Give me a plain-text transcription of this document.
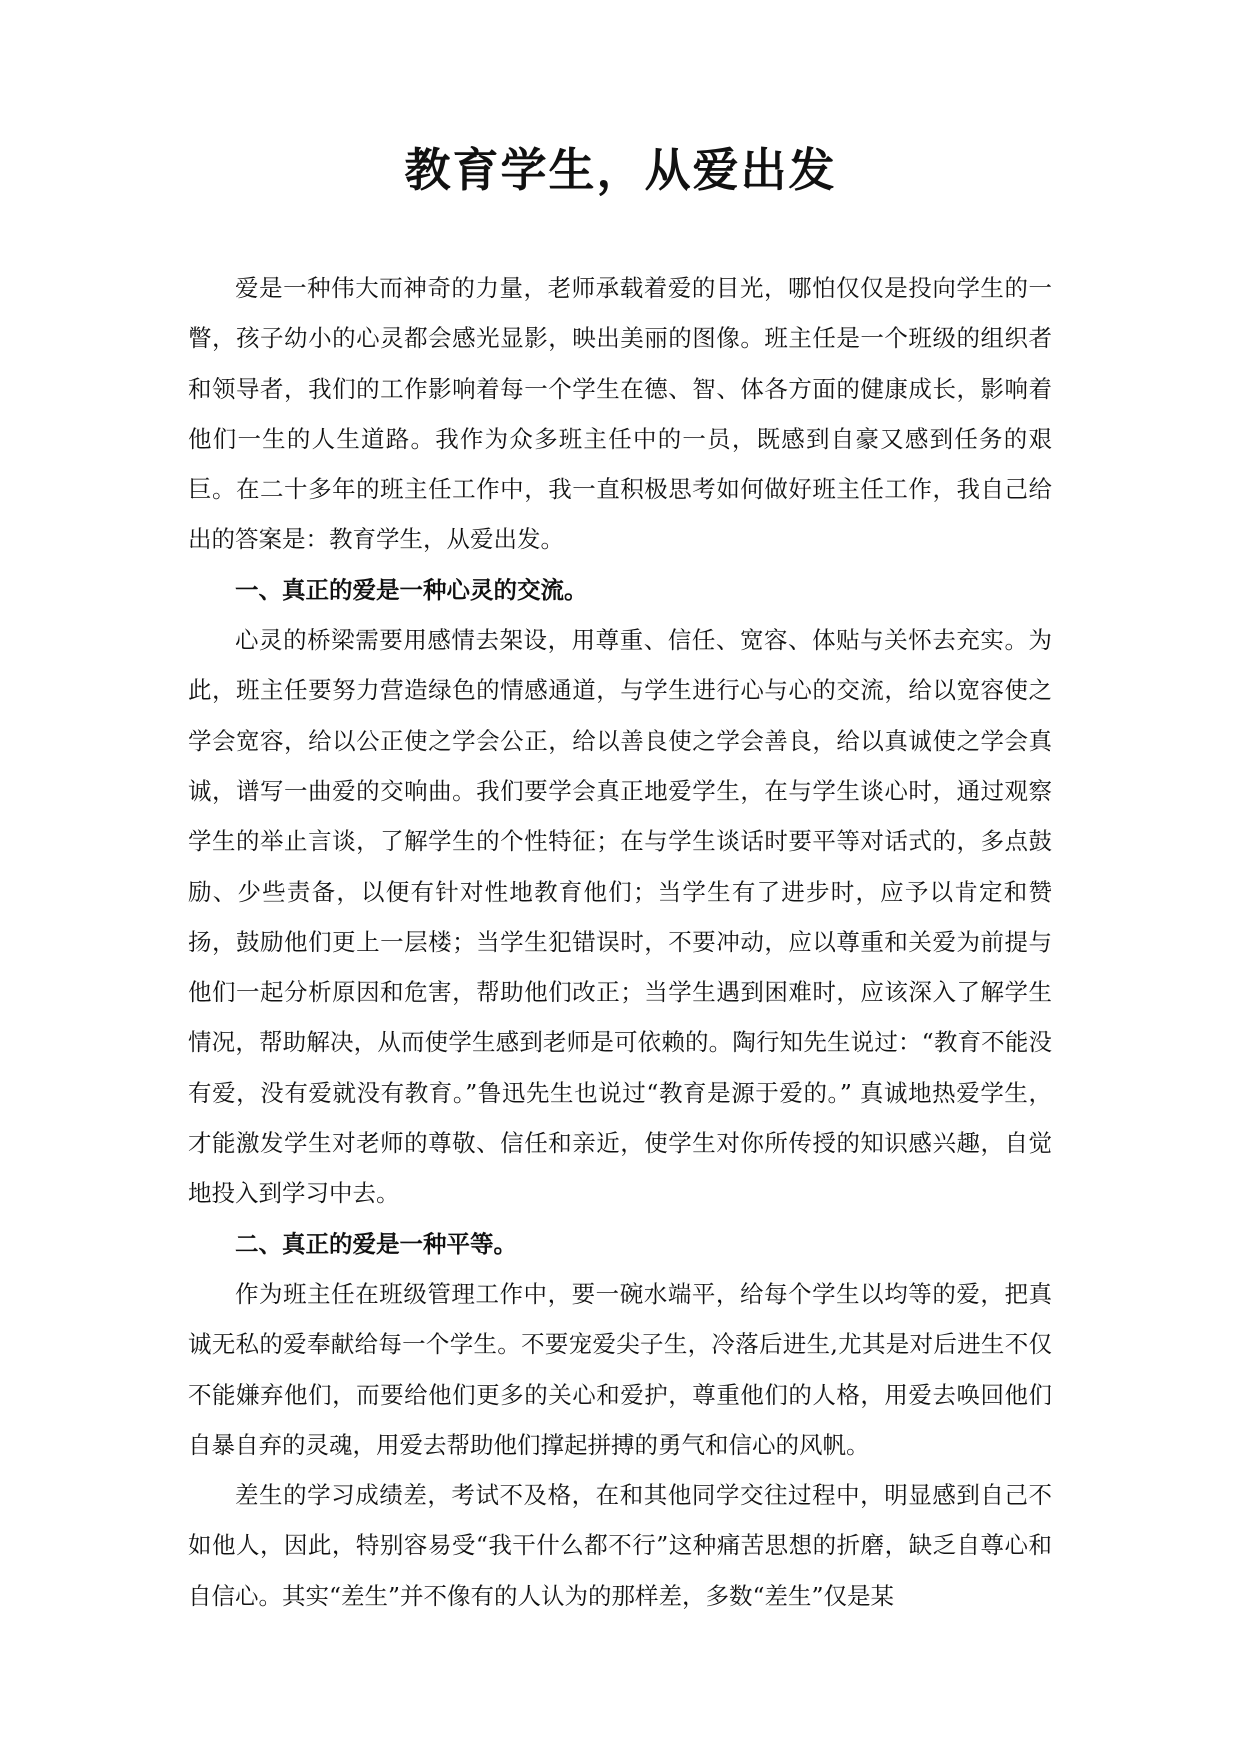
教育学生，从爱出发

爱是一种伟大而神奇的力量，老师承载着爱的目光，哪怕仅仅是投向学生的一瞥，孩子幼小的心灵都会感光显影，映出美丽的图像。班主任是一个班级的组织者和领导者，我们的工作影响着每一个学生在德、智、体各方面的健康成长，影响着他们一生的人生道路。我作为众多班主任中的一员，既感到自豪又感到任务的艰巨。在二十多年的班主任工作中，我一直积极思考如何做好班主任工作，我自己给出的答案是：教育学生，从爱出发。

一、真正的爱是一种心灵的交流。

心灵的桥梁需要用感情去架设，用尊重、信任、宽容、体贴与关怀去充实。为此，班主任要努力营造绿色的情感通道，与学生进行心与心的交流，给以宽容使之学会宽容，给以公正使之学会公正，给以善良使之学会善良，给以真诚使之学会真诚，谱写一曲爱的交响曲。我们要学会真正地爱学生，在与学生谈心时，通过观察学生的举止言谈，了解学生的个性特征；在与学生谈话时要平等对话式的，多点鼓励、少些责备，以便有针对性地教育他们；当学生有了进步时，应予以肯定和赞扬，鼓励他们更上一层楼；当学生犯错误时，不要冲动，应以尊重和关爱为前提与他们一起分析原因和危害，帮助他们改正；当学生遇到困难时，应该深入了解学生情况，帮助解决，从而使学生感到老师是可依赖的。陶行知先生说过：“教育不能没有爱，没有爱就没有教育。”鲁迅先生也说过“教育是源于爱的。” 真诚地热爱学生，才能激发学生对老师的尊敬、信任和亲近，使学生对你所传授的知识感兴趣，自觉地投入到学习中去。

二、真正的爱是一种平等。

作为班主任在班级管理工作中，要一碗水端平，给每个学生以均等的爱，把真诚无私的爱奉献给每一个学生。不要宠爱尖子生，冷落后进生,尤其是对后进生不仅不能嫌弃他们，而要给他们更多的关心和爱护，尊重他们的人格，用爱去唤回他们自暴自弃的灵魂，用爱去帮助他们撑起拼搏的勇气和信心的风帆。

差生的学习成绩差，考试不及格，在和其他同学交往过程中，明显感到自己不如他人，因此，特别容易受“我干什么都不行”这种痛苦思想的折磨，缺乏自尊心和自信心。其实“差生”并不像有的人认为的那样差，多数“差生”仅是某
